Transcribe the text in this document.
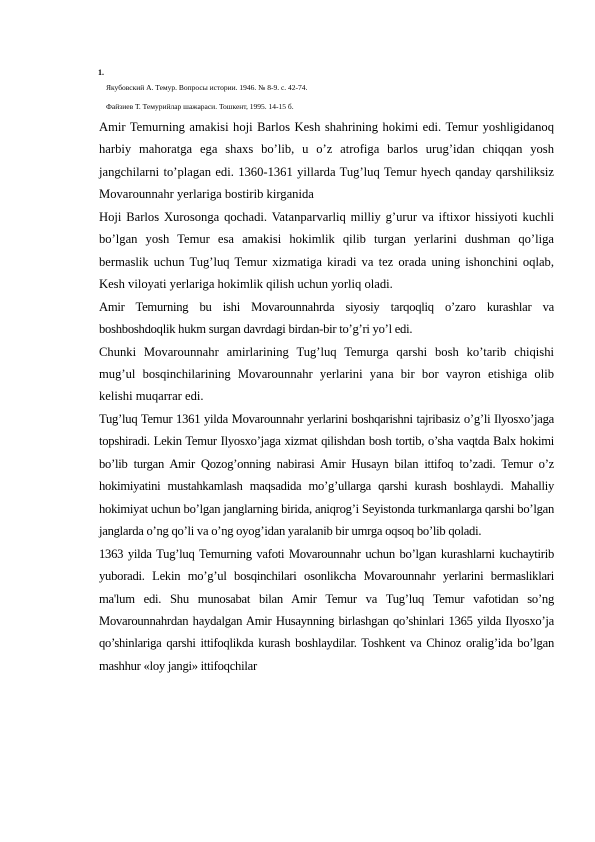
1.

Якубовский А. Темур. Вопросы истории. 1946. № 8-9. с. 42-74.

Файзиев Т. Темурийлар шажараси. Тошкент, 1995. 14-15 б.

Amir Temurning amakisi hoji Barlos Kesh shahrining hokimi edi. Temur yoshligidanoq harbiy mahoratga ega shaxs bo’lib, u o’z atrofiga barlos urug’idan chiqqan yosh jangchilarni to’plagan edi. 1360-1361 yillarda Tug’luq Temur hyech qanday qarshiliksiz Movarounnahr yerlariga bostirib kirganida

Hoji Barlos Xurosonga qochadi. Vatanparvarliq milliy g’urur va iftixor hissiyoti kuchli bo’lgan yosh Temur esa amakisi hokimlik qilib turgan yerlarini dushman qo’liga bermaslik uchun Tug’luq Temur xizmatiga kiradi va tez orada uning ishonchini oqlab, Kesh viloyati yerlariga hokimlik qilish uchun yorliq oladi.

Amir Temurning bu ishi Movarounnahrda siyosiy tarqoqliq o’zaro kurashlar va boshboshdoqlik hukm surgan davrdagi birdan-bir to’g’ri yo’l edi.

Chunki Movarounnahr amirlarining Tug’luq Temurga qarshi bosh ko’tarib chiqishi mug’ul bosqinchilarining Movarounnahr yerlarini yana bir bor vayron etishiga olib kelishi muqarrar edi.

Tug’luq Temur 1361 yilda Movarounnahr yerlarini boshqarishni tajribasiz o’g’li Ilyosxo’jaga topshiradi. Lekin Temur Ilyosxo’jaga xizmat qilishdan bosh tortib, o’sha vaqtda Balx hokimi bo’lib turgan Amir Qozog’onning nabirasi Amir Husayn bilan ittifoq to’zadi. Temur o’z hokimiyatini mustahkamlash maqsadida mo’g’ullarga qarshi kurash boshlaydi. Mahalliy hokimiyat uchun bo’lgan janglarning birida, aniqrog’i Seyistonda turkmanlarga qarshi bo’lgan janglarda o’ng qo’li va o’ng oyog’idan yaralanib bir umrga oqsoq bo’lib qoladi.

1363 yilda Tug’luq Temurning vafoti Movarounnahr uchun bo’lgan kurashlarni kuchaytirib yuboradi. Lekin mo’g’ul bosqinchilari osonlikcha Movarounnahr yerlarini bermasliklari ma'lum edi. Shu munosabat bilan Amir Temur va Tug’luq Temur vafotidan so’ng Movarounnahrdan haydalgan Amir Husaynning birlashgan qo’shinlari 1365 yilda Ilyosxo’ja qo’shinlariga qarshi ittifoqlikda kurash boshlaydilar. Toshkent va Chinoz oralig’ida bo’lgan mashhur «loy jangi» ittifoqchilar
